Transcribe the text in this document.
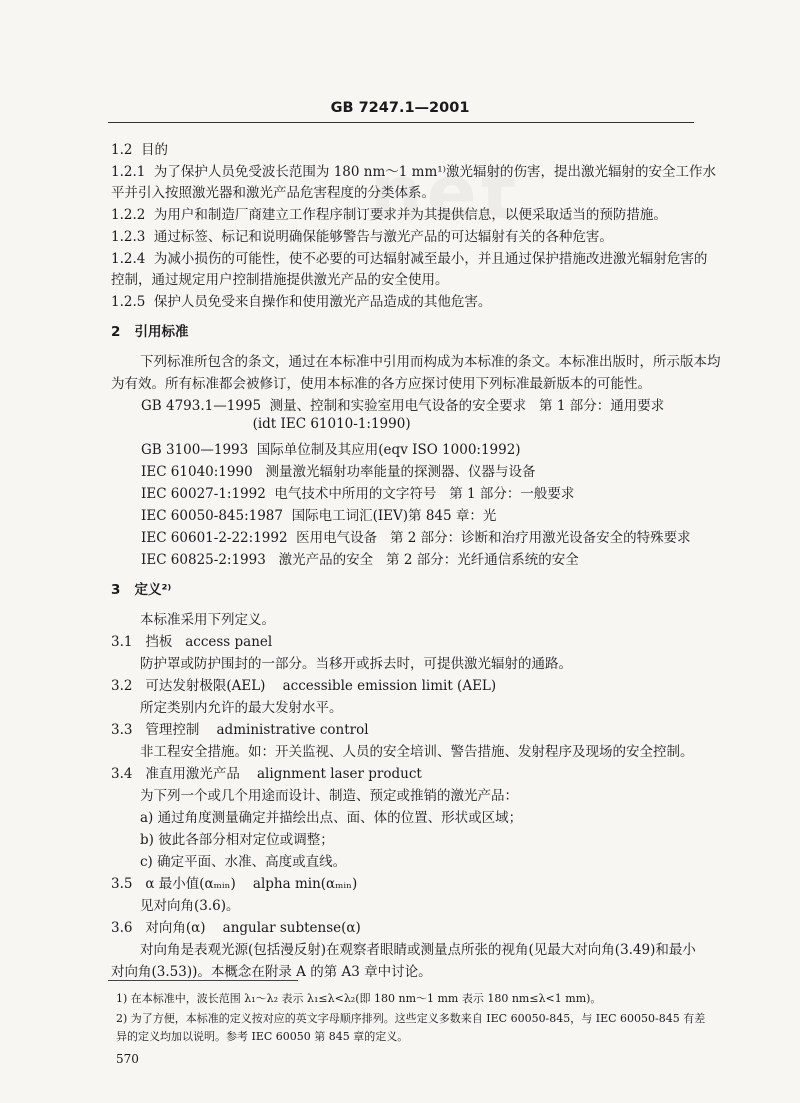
GB 7247.1—2001
net
1.2  目的
1.2.1  为了保护人员免受波长范围为 180 nm～1 mm¹⁾激光辐射的伤害，提出激光辐射的安全工作水
平并引入按照激光器和激光产品危害程度的分类体系。
1.2.2  为用户和制造厂商建立工作程序制订要求并为其提供信息，以便采取适当的预防措施。
1.2.3  通过标签、标记和说明确保能够警告与激光产品的可达辐射有关的各种危害。
1.2.4  为减小损伤的可能性，使不必要的可达辐射减至最小，并且通过保护措施改进激光辐射危害的
控制，通过规定用户控制措施提供激光产品的安全使用。
1.2.5  保护人员免受来自操作和使用激光产品造成的其他危害。
2   引用标准
下列标准所包含的条文，通过在本标准中引用而构成为本标准的条文。本标准出版时，所示版本均
为有效。所有标准都会被修订，使用本标准的各方应探讨使用下列标准最新版本的可能性。
GB 4793.1—1995  测量、控制和实验室用电气设备的安全要求   第 1 部分：通用要求
(idt IEC 61010-1:1990)
GB 3100—1993  国际单位制及其应用(eqv ISO 1000:1992)
IEC 61040:1990   测量激光辐射功率能量的探测器、仪器与设备
IEC 60027-1:1992  电气技术中所用的文字符号   第 1 部分：一般要求
IEC 60050-845:1987  国际电工词汇(IEV)第 845 章：光
IEC 60601-2-22:1992  医用电气设备   第 2 部分：诊断和治疗用激光设备安全的特殊要求
IEC 60825-2:1993   激光产品的安全   第 2 部分：光纤通信系统的安全
3   定义²⁾
本标准采用下列定义。
3.1   挡板   access panel
防护罩或防护围封的一部分。当移开或拆去时，可提供激光辐射的通路。
3.2   可达发射极限(AEL)    accessible emission limit (AEL)
所定类别内允许的最大发射水平。
3.3   管理控制    administrative control
非工程安全措施。如：开关监视、人员的安全培训、警告措施、发射程序及现场的安全控制。
3.4   准直用激光产品    alignment laser product
为下列一个或几个用途而设计、制造、预定或推销的激光产品：
a) 通过角度测量确定并描绘出点、面、体的位置、形状或区域；
b) 彼此各部分相对定位或调整；
c) 确定平面、水准、高度或直线。
3.5   α 最小值(αₘᵢₙ)    alpha min(αₘᵢₙ)
见对向角(3.6)。
3.6   对向角(α)    angular subtense(α)
对向角是表观光源(包括漫反射)在观察者眼睛或测量点所张的视角(见最大对向角(3.49)和最小
对向角(3.53))。本概念在附录 A 的第 A3 章中讨论。
1) 在本标准中，波长范围 λ₁～λ₂ 表示 λ₁≤λ<λ₂(即 180 nm～1 mm 表示 180 nm≤λ<1 mm)。
2) 为了方便，本标准的定义按对应的英文字母顺序排列。这些定义多数来自 IEC 60050-845，与 IEC 60050-845 有差
异的定义均加以说明。参考 IEC 60050 第 845 章的定义。
570
